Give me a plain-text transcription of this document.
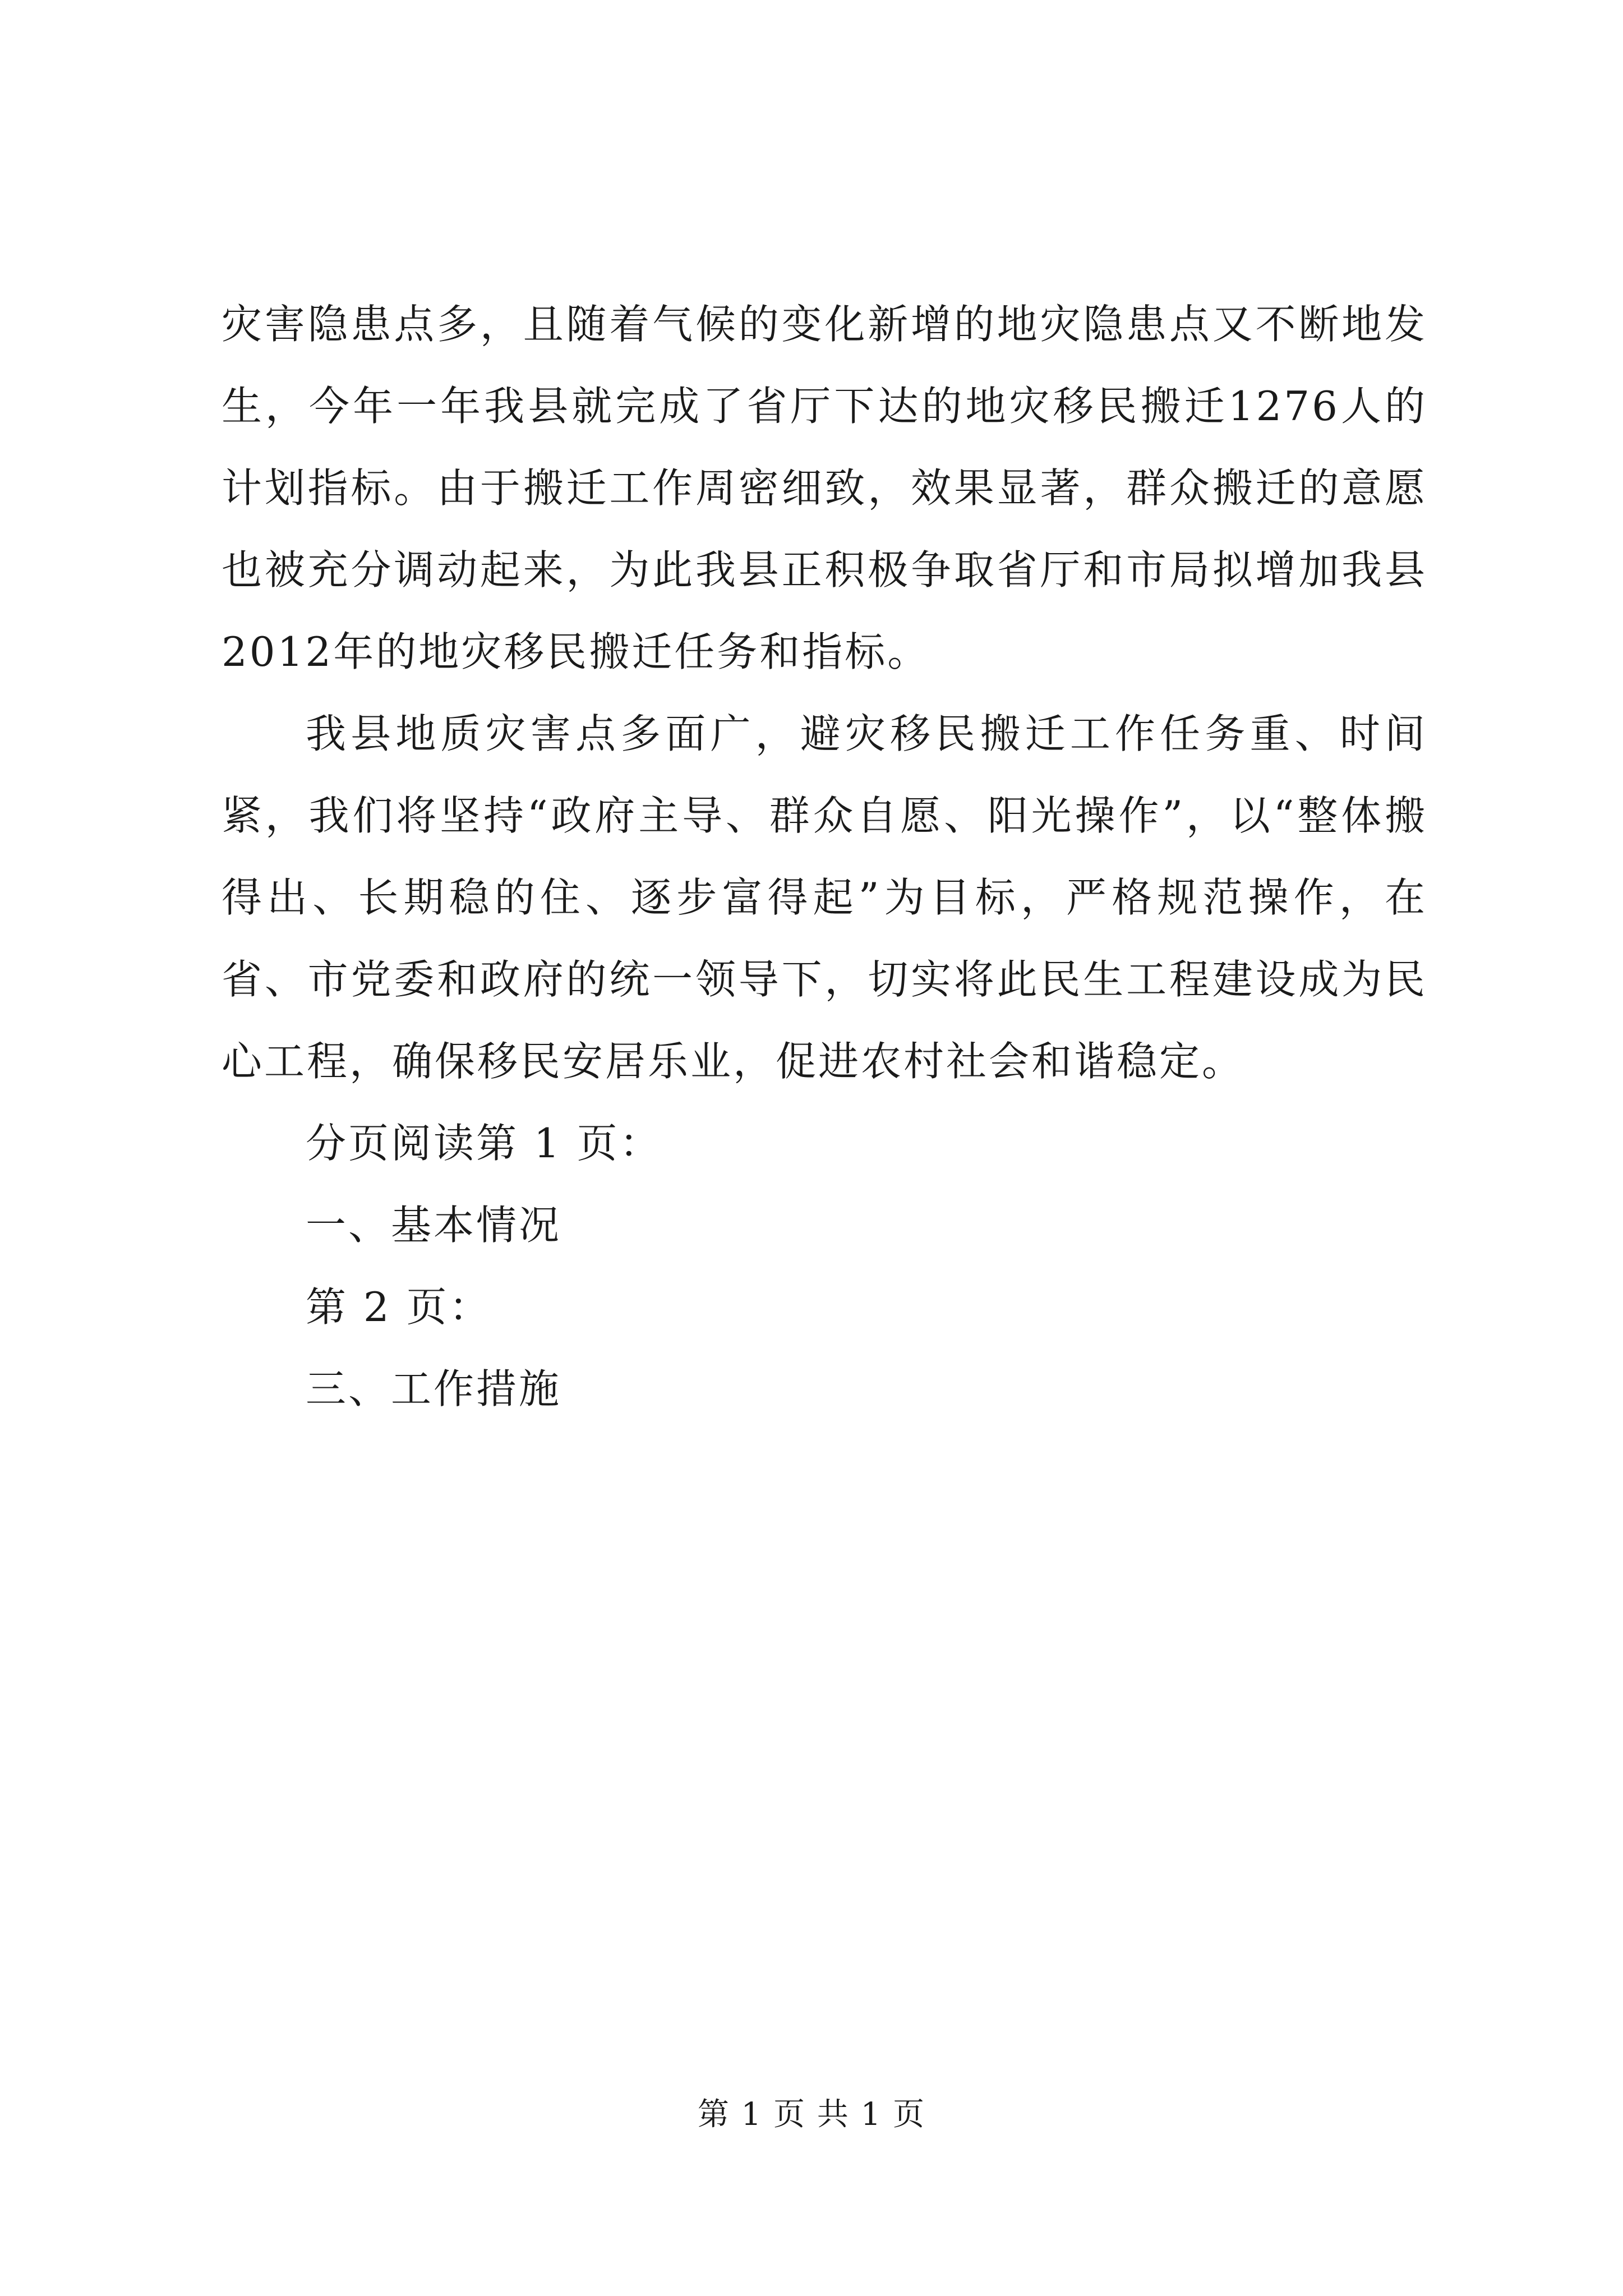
灾害隐患点多，且随着气候的变化新增的地灾隐患点又不断地发生，今年一年我县就完成了省厅下达的地灾移民搬迁1276人的计划指标。由于搬迁工作周密细致，效果显著，群众搬迁的意愿也被充分调动起来，为此我县正积极争取省厅和市局拟增加我县2012年的地灾移民搬迁任务和指标。

我县地质灾害点多面广，避灾移民搬迁工作任务重、时间紧，我们将坚持“政府主导、群众自愿、阳光操作”，以“整体搬得出、长期稳的住、逐步富得起”为目标，严格规范操作，在省、市党委和政府的统一领导下，切实将此民生工程建设成为民心工程，确保移民安居乐业，促进农村社会和谐稳定。

分页阅读第 1 页：

一、基本情况

第 2 页：

三、工作措施

第 1 页 共 1 页
